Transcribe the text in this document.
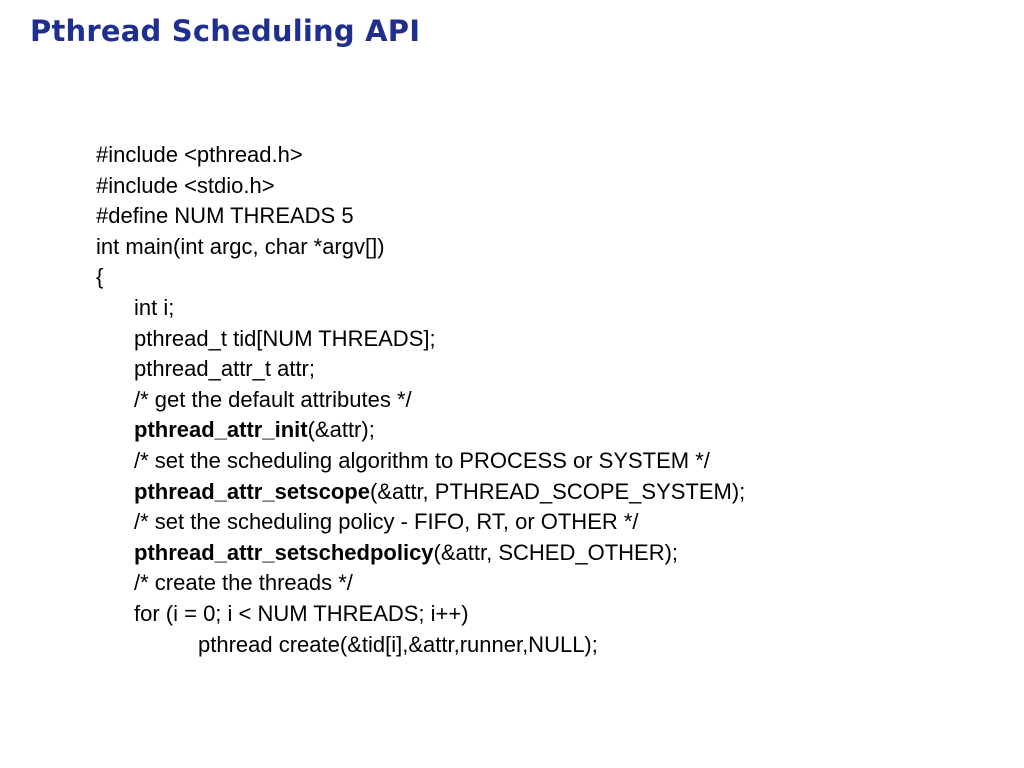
Pthread Scheduling API
#include <pthread.h>
#include <stdio.h>
#define NUM THREADS 5
int main(int argc, char *argv[])
{
int i;
pthread_t tid[NUM THREADS];
pthread_attr_t attr;
/* get the default attributes */
pthread_attr_init(&attr);
/* set the scheduling algorithm to PROCESS or SYSTEM */
pthread_attr_setscope(&attr, PTHREAD_SCOPE_SYSTEM);
/* set the scheduling policy - FIFO, RT, or OTHER */
pthread_attr_setschedpolicy(&attr, SCHED_OTHER);
/* create the threads */
for (i = 0; i < NUM THREADS; i++)
pthread create(&tid[i],&attr,runner,NULL);
